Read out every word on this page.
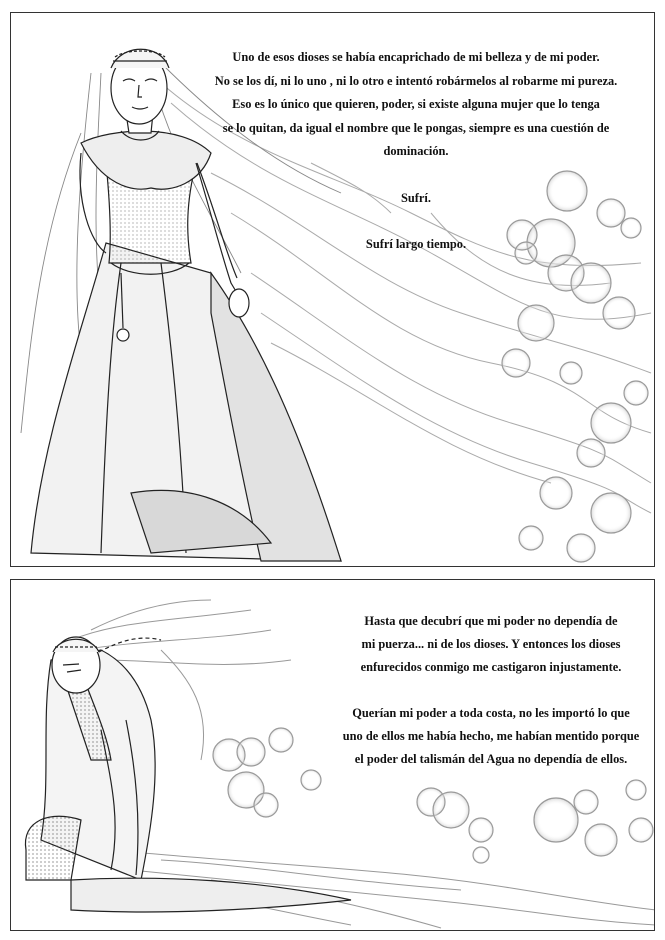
Uno de esos dioses se había encaprichado de mi belleza y de mi poder.
No se los dí, ni lo uno , ni lo otro e intentó robármelos al robarme mi pureza.
Eso es lo único que quieren, poder, si existe alguna mujer que lo tenga
se lo quitan, da igual el nombre que le pongas, siempre es una cuestión de
dominación.
Sufrí.
Sufrí largo tiempo.
Hasta que decubrí que mi poder no dependía de
mi puerza... ni de los dioses. Y entonces los dioses
enfurecidos conmigo me castigaron injustamente.
Querían mi poder a toda costa, no les importó lo que
uno de ellos me había hecho, me habían mentido porque
el poder del talismán del Agua no dependía de ellos.
